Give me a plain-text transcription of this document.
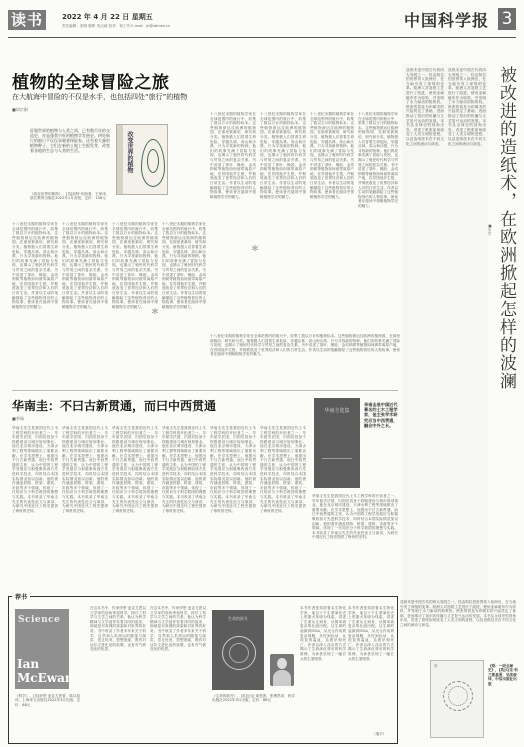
读书	2022 年 4 月 22 日 星期五
责任编辑：张晴 陈彬 朱汉斌 校对：何工劳 E-mail：jh@stimes.cn	中国科学报 3
植物的全球冒险之旅
在大航海中冒险的不仅是水手，也包括四处“旅行”的植物
■胡宗刚
征服世界的植物与人类之间，已有数百年的交流史，亦是蓬勃兴旺的植物学发展史。四处航行的船只不仅仅承载着探险家，还有着大量的植物种子，它们在新的土地上生根发芽，改变着各地的生态与人类的生活。
《改变世界的植物》，[英]凯特·布朗著，王荣译，浙江教育出版社2022年1月出版，定价：108元
改变世界的植物
十八世纪末期的植物学家在全球范围内的航行中，收集了数以万计的植物标本。这些植物被运往欧洲的植物园，在那里被栽培、研究和分类。植物猎人们冒着生命危险，穿越丛林、高山和沙漠，只为寻找新的物种。他们的故事充满了冒险与发现，也揭示了殖民时代科学与贸易之间的复杂关系。书中讲述了茶叶、橡胶、金鸡纳树等植物如何被带离原产地，在异国他乡生根，并彻底改变了世界经济和人们的日常生活。作者以生动的笔触描绘了这些植物背后的人物故事，使读者在阅读中领略植物学史的魅力。
十八世纪末期的植物学家在全球范围内的航行中，收集了数以万计的植物标本。这些植物被运往欧洲的植物园，在那里被栽培、研究和分类。植物猎人们冒着生命危险，穿越丛林、高山和沙漠，只为寻找新的物种。他们的故事充满了冒险与发现，也揭示了殖民时代科学与贸易之间的复杂关系。书中讲述了茶叶、橡胶、金鸡纳树等植物如何被带离原产地，在异国他乡生根，并彻底改变了世界经济和人们的日常生活。作者以生动的笔触描绘了这些植物背后的人物故事，使读者在阅读中领略植物学史的魅力。
十八世纪末期的植物学家在全球范围内的航行中，收集了数以万计的植物标本。这些植物被运往欧洲的植物园，在那里被栽培、研究和分类。植物猎人们冒着生命危险，穿越丛林、高山和沙漠，只为寻找新的物种。他们的故事充满了冒险与发现，也揭示了殖民时代科学与贸易之间的复杂关系。书中讲述了茶叶、橡胶、金鸡纳树等植物如何被带离原产地，在异国他乡生根，并彻底改变了世界经济和人们的日常生活。作者以生动的笔触描绘了这些植物背后的人物故事，使读者在阅读中领略植物学史的魅力。
十八世纪末期的植物学家在全球范围内的航行中，收集了数以万计的植物标本。这些植物被运往欧洲的植物园，在那里被栽培、研究和分类。植物猎人们冒着生命危险，穿越丛林、高山和沙漠，只为寻找新的物种。他们的故事充满了冒险与发现，也揭示了殖民时代科学与贸易之间的复杂关系。书中讲述了茶叶、橡胶、金鸡纳树等植物如何被带离原产地，在异国他乡生根，并彻底改变了世界经济和人们的日常生活。作者以生动的笔触描绘了这些植物背后的人物故事，使读者在阅读中领略植物学史的魅力。
十八世纪末期的植物学家在全球范围内的航行中，收集了数以万计的植物标本。这些植物被运往欧洲的植物园，在那里被栽培、研究和分类。植物猎人们冒着生命危险，穿越丛林、高山和沙漠，只为寻找新的物种。他们的故事充满了冒险与发现，也揭示了殖民时代科学与贸易之间的复杂关系。书中讲述了茶叶、橡胶、金鸡纳树等植物如何被带离原产地，在异国他乡生根，并彻底改变了世界经济和人们的日常生活。作者以生动的笔触描绘了这些植物背后的人物故事，使读者在阅读中领略植物学史的魅力。
十八世纪末期的植物学家在全球范围内的航行中，收集了数以万计的植物标本。这些植物被运往欧洲的植物园，在那里被栽培、研究和分类。植物猎人们冒着生命危险，穿越丛林、高山和沙漠，只为寻找新的物种。他们的故事充满了冒险与发现，也揭示了殖民时代科学与贸易之间的复杂关系。书中讲述了茶叶、橡胶、金鸡纳树等植物如何被带离原产地，在异国他乡生根，并彻底改变了世界经济和人们的日常生活。作者以生动的笔触描绘了这些植物背后的人物故事，使读者在阅读中领略植物学史的魅力。
十八世纪末期的植物学家在全球范围内的航行中，收集了数以万计的植物标本。这些植物被运往欧洲的植物园，在那里被栽培、研究和分类。植物猎人们冒着生命危险，穿越丛林、高山和沙漠，只为寻找新的物种。他们的故事充满了冒险与发现，也揭示了殖民时代科学与贸易之间的复杂关系。书中讲述了茶叶、橡胶、金鸡纳树等植物如何被带离原产地，在异国他乡生根，并彻底改变了世界经济和人们的日常生活。作者以生动的笔触描绘了这些植物背后的人物故事，使读者在阅读中领略植物学史的魅力。
十八世纪末期的植物学家在全球范围内的航行中，收集了数以万计的植物标本。这些植物被运往欧洲的植物园，在那里被栽培、研究和分类。植物猎人们冒着生命危险，穿越丛林、高山和沙漠，只为寻找新的物种。他们的故事充满了冒险与发现，也揭示了殖民时代科学与贸易之间的复杂关系。书中讲述了茶叶、橡胶、金鸡纳树等植物如何被带离原产地，在异国他乡生根，并彻底改变了世界经济和人们的日常生活。作者以生动的笔触描绘了这些植物背后的人物故事，使读者在阅读中领略植物学史的魅力。
＊
＊
十八世纪末期的植物学家在全球范围内的航行中，收集了数以万计的植物标本。这些植物被运往欧洲的植物园，在那里被栽培、研究和分类。植物猎人们冒着生命危险，穿越丛林、高山和沙漠，只为寻找新的物种。他们的故事充满了冒险与发现，也揭示了殖民时代科学与贸易之间的复杂关系。书中讲述了茶叶、橡胶、金鸡纳树等植物如何被带离原产地，在异国他乡生根，并彻底改变了世界经济和人们的日常生活。作者以生动的笔触描绘了这些植物背后的人物故事，使读者在阅读中领略植物学史的魅力。
华南圭：不曰古新贯通，而曰中西贯通
■李瑞
华南圭选集
华南圭是中国近代著名的土木工程学家，他主张学术研究应当中西贯通，融会中外之长。
华南圭先生是我国近代土木工程学科的开拓者之一，早年留学法国，归国后投身于铁路建设与城市规划事业。他在北京城市建设、天津水利工程等领域做出了重要贡献。在学术思想上，他提出不曰古新贯通，而曰中西贯通的主张，认为中国的工程学发展应当积极吸收西方先进科学技术，同时结合本国实际情况加以创新。他的著作涵盖铁路、桥梁、建筑、市政等多个领域，体现了一代知识分子科学救国的理想与实践。本书收录了华南圭先生的代表性论文与演讲，为研究中国近代工程史提供了珍贵的史料。
华南圭先生是我国近代土木工程学科的开拓者之一，早年留学法国，归国后投身于铁路建设与城市规划事业。他在北京城市建设、天津水利工程等领域做出了重要贡献。在学术思想上，他提出不曰古新贯通，而曰中西贯通的主张，认为中国的工程学发展应当积极吸收西方先进科学技术，同时结合本国实际情况加以创新。他的著作涵盖铁路、桥梁、建筑、市政等多个领域，体现了一代知识分子科学救国的理想与实践。本书收录了华南圭先生的代表性论文与演讲，为研究中国近代工程史提供了珍贵的史料。
华南圭先生是我国近代土木工程学科的开拓者之一，早年留学法国，归国后投身于铁路建设与城市规划事业。他在北京城市建设、天津水利工程等领域做出了重要贡献。在学术思想上，他提出不曰古新贯通，而曰中西贯通的主张，认为中国的工程学发展应当积极吸收西方先进科学技术，同时结合本国实际情况加以创新。他的著作涵盖铁路、桥梁、建筑、市政等多个领域，体现了一代知识分子科学救国的理想与实践。本书收录了华南圭先生的代表性论文与演讲，为研究中国近代工程史提供了珍贵的史料。
华南圭先生是我国近代土木工程学科的开拓者之一，早年留学法国，归国后投身于铁路建设与城市规划事业。他在北京城市建设、天津水利工程等领域做出了重要贡献。在学术思想上，他提出不曰古新贯通，而曰中西贯通的主张，认为中国的工程学发展应当积极吸收西方先进科学技术，同时结合本国实际情况加以创新。他的著作涵盖铁路、桥梁、建筑、市政等多个领域，体现了一代知识分子科学救国的理想与实践。本书收录了华南圭先生的代表性论文与演讲，为研究中国近代工程史提供了珍贵的史料。
华南圭先生是我国近代土木工程学科的开拓者之一，早年留学法国，归国后投身于铁路建设与城市规划事业。他在北京城市建设、天津水利工程等领域做出了重要贡献。在学术思想上，他提出不曰古新贯通，而曰中西贯通的主张，认为中国的工程学发展应当积极吸收西方先进科学技术，同时结合本国实际情况加以创新。他的著作涵盖铁路、桥梁、建筑、市政等多个领域，体现了一代知识分子科学救国的理想与实践。本书收录了华南圭先生的代表性论文与演讲，为研究中国近代工程史提供了珍贵的史料。
华南圭先生是我国近代土木工程学科的开拓者之一，早年留学法国，归国后投身于铁路建设与城市规划事业。他在北京城市建设、天津水利工程等领域做出了重要贡献。在学术思想上，他提出不曰古新贯通，而曰中西贯通的主张，认为中国的工程学发展应当积极吸收西方先进科学技术，同时结合本国实际情况加以创新。他的著作涵盖铁路、桥梁、建筑、市政等多个领域，体现了一代知识分子科学救国的理想与实践。本书收录了华南圭先生的代表性论文与演讲，为研究中国近代工程史提供了珍贵的史料。
华南圭先生是我国近代土木工程学科的开拓者之一，早年留学法国，归国后投身于铁路建设与城市规划事业。他在北京城市建设、天津水利工程等领域做出了重要贡献。在学术思想上，他提出不曰古新贯通，而曰中西贯通的主张，认为中国的工程学发展应当积极吸收西方先进科学技术，同时结合本国实际情况加以创新。他的著作涵盖铁路、桥梁、建筑、市政等多个领域，体现了一代知识分子科学救国的理想与实践。本书收录了华南圭先生的代表性论文与演讲，为研究中国近代工程史提供了珍贵的史料。
造纸术是中国古代的四大发明之一，经由阿拉伯世界传入欧洲后，在当地引发了深刻的变革。欧洲人对造纸工艺进行了改进，使用亚麻破布作为原料，并发明了水力驱动的捣浆机。纸张的普及为印刷术的兴起奠定了基础，进而推动了知识的传播与文艺复兴运动的发展。本书从全球史的视角出发，讲述了纸张如何改变了人类文明的进程，以及造纸技术在不同文化之间的流动与演变。
造纸术是中国古代的四大发明之一，经由阿拉伯世界传入欧洲后，在当地引发了深刻的变革。欧洲人对造纸工艺进行了改进，使用亚麻破布作为原料，并发明了水力驱动的捣浆机。纸张的普及为印刷术的兴起奠定了基础，进而推动了知识的传播与文艺复兴运动的发展。本书从全球史的视角出发，讲述了纸张如何改变了人类文明的进程，以及造纸技术在不同文化之间的流动与演变。 被改进的造纸术，在欧洲掀起怎样的波澜
■宋学
造纸术是中国古代的四大发明之一，经由阿拉伯世界传入欧洲后，在当地引发了深刻的变革。欧洲人对造纸工艺进行了改进，使用亚麻破布作为原料，并发明了水力驱动的捣浆机。纸张的普及为印刷术的兴起奠定了基础，进而推动了知识的传播与文艺复兴运动的发展。本书从全球史的视角出发，讲述了纸张如何改变了人类文明的进程，以及造纸技术在不同文化之间的流动与演变。
纸	《纸：一段全球史》，[英]马克·科兰斯基著，吴奕俊译，中信出版社出版
荐书
Science
Ian McEwan
《科学》，[英]伊恩·麦克尤恩著，陈以侃译，上海译文出版社2022年3月出版，定价：68元
在这本书中，作家伊恩·麦克尤恩以文学家的视角审视科学，探讨了科学与文学之间的关系。他认为科学精神与文学创作有着共同的追求，那就是对真理的探索和对世界的好奇。书中收录了作者多年来关于科学、自然和人类命运的随笔与演讲，语言优美，思想深邃，既有对达尔文进化论的致敬，也有对气候变化的忧思。
在这本书中，作家伊恩·麦克尤恩以文学家的视角审视科学，探讨了科学与文学之间的关系。他认为科学精神与文学创作有着共同的追求，那就是对真理的探索和对世界的好奇。书中收录了作者多年来关于科学、自然和人类命运的随笔与演讲，语言优美，思想深邃，既有对达尔文进化论的致敬，也有对气候变化的忧思。
生命的跃升
《生命的跃升》，[英]尼克·莱恩著，张博然译，科学出版社2022年3月出版，定价：88元
本书作者是英国著名生物化学家，他以十个生命演化史上的重大发明为线索，讲述了生命从无到有、从简单到复杂的壮丽历程。从生命的起源到DNA，从光合作用到复杂细胞，从性到运动，从视觉到温血，从意识到死亡，作者以深入浅出的方式揭示了生命演化背后的科学原理，为读者呈现了一幅宏大的生命图景。
本书作者是英国著名生物化学家，他以十个生命演化史上的重大发明为线索，讲述了生命从无到有、从简单到复杂的壮丽历程。从生命的起源到DNA，从光合作用到复杂细胞，从性到运动，从视觉到温血，从意识到死亡，作者以深入浅出的方式揭示了生命演化背后的科学原理，为读者呈现了一幅宏大的生命图景。
（瑞平）
